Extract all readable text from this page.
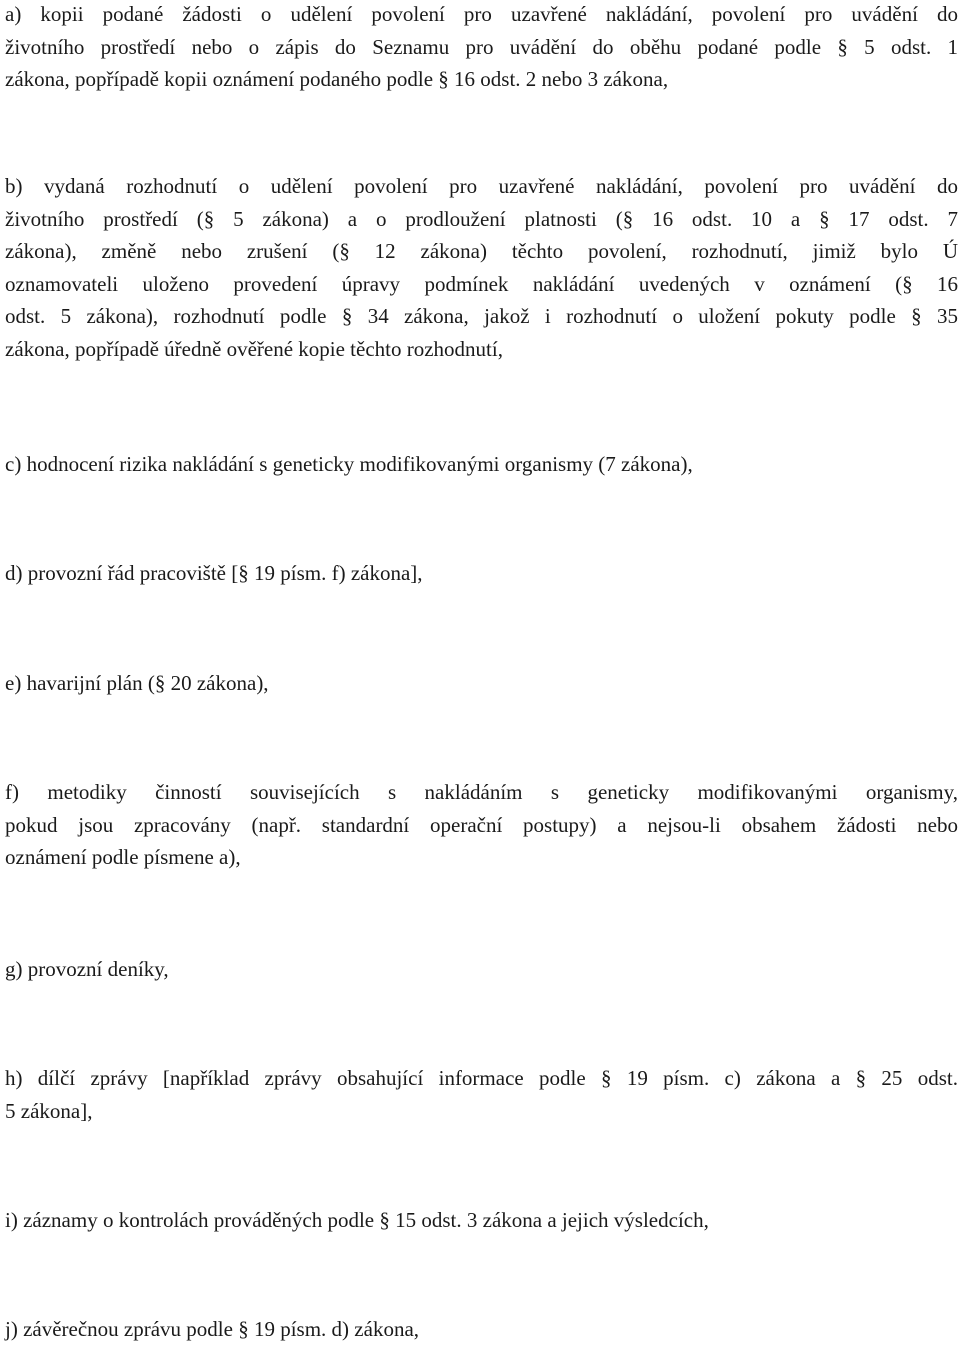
a) kopii podané žádosti o udělení povolení pro uzavřené nakládání, povolení pro uvádění do
životního prostředí nebo o zápis do Seznamu pro uvádění do oběhu podané podle § 5 odst. 1
zákona, popřípadě kopii oznámení podaného podle § 16 odst. 2 nebo 3 zákona,

b) vydaná rozhodnutí o udělení povolení pro uzavřené nakládání, povolení pro uvádění do
životního prostředí (§ 5 zákona) a o prodloužení platnosti (§ 16 odst. 10 a § 17 odst. 7
zákona), změně nebo zrušení (§ 12 zákona) těchto povolení, rozhodnutí, jimiž bylo Ú
oznamovateli uloženo provedení úpravy podmínek nakládání uvedených v oznámení (§ 16
odst. 5 zákona), rozhodnutí podle § 34 zákona, jakož i rozhodnutí o uložení pokuty podle § 35
zákona, popřípadě úředně ověřené kopie těchto rozhodnutí,

c) hodnocení rizika nakládání s geneticky modifikovanými organismy (7 zákona),

d) provozní řád pracoviště [§ 19 písm. f) zákona],

e) havarijní plán (§ 20 zákona),

f) metodiky činností souvisejících s nakládáním s geneticky modifikovanými organismy,
pokud jsou zpracovány (např. standardní operační postupy) a nejsou-li obsahem žádosti nebo
oznámení podle písmene a),

g) provozní deníky,

h) dílčí zprávy [například zprávy obsahující informace podle § 19 písm. c) zákona a § 25 odst.
5 zákona],

i) záznamy o kontrolách prováděných podle § 15 odst. 3 zákona a jejich výsledcích,

j) závěrečnou zprávu podle § 19 písm. d) zákona,
